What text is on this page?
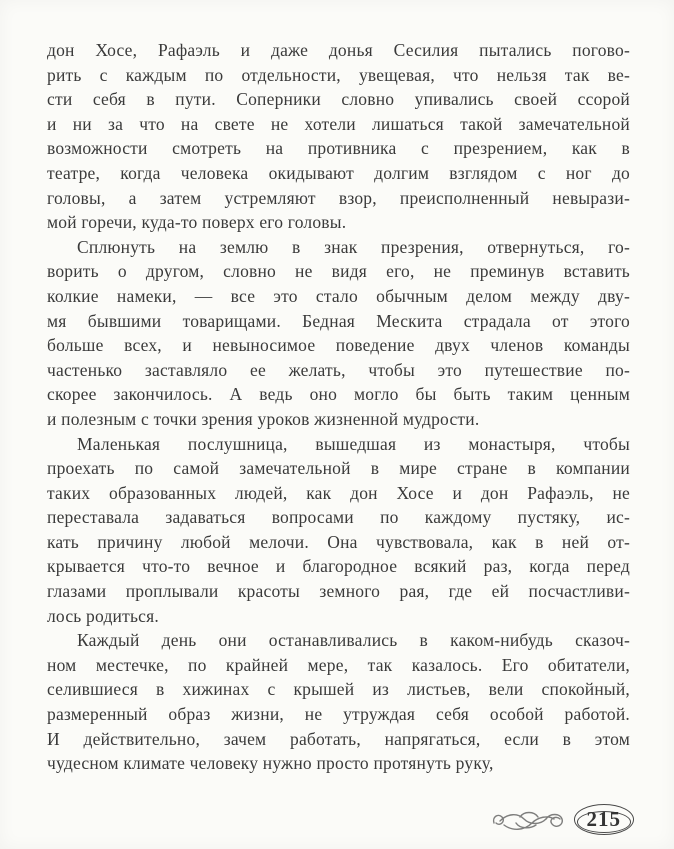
дон Хосе, Рафаэль и даже донья Сесилия пытались погово-
рить с каждым по отдельности, увещевая, что нельзя так ве-
сти себя в пути. Соперники словно упивались своей ссорой
и ни за что на свете не хотели лишаться такой замечательной
возможности смотреть на противника с презрением, как в
театре, когда человека окидывают долгим взглядом с ног до
головы, а затем устремляют взор, преисполненный невырази-
мой горечи, куда-то поверх его головы.
Сплюнуть на землю в знак презрения, отвернуться, го-
ворить о другом, словно не видя его, не преминув вставить
колкие намеки, — все это стало обычным делом между дву-
мя бывшими товарищами. Бедная Мескита страдала от этого
больше всех, и невыносимое поведение двух членов команды
частенько заставляло ее желать, чтобы это путешествие по-
скорее закончилось. А ведь оно могло бы быть таким ценным
и полезным с точки зрения уроков жизненной мудрости.
Маленькая послушница, вышедшая из монастыря, чтобы
проехать по самой замечательной в мире стране в компании
таких образованных людей, как дон Хосе и дон Рафаэль, не
переставала задаваться вопросами по каждому пустяку, ис-
кать причину любой мелочи. Она чувствовала, как в ней от-
крывается что-то вечное и благородное всякий раз, когда перед
глазами проплывали красоты земного рая, где ей посчастливи-
лось родиться.
Каждый день они останавливались в каком-нибудь сказоч-
ном местечке, по крайней мере, так казалось. Его обитатели,
селившиеся в хижинах с крышей из листьев, вели спокойный,
размеренный образ жизни, не утруждая себя особой работой.
И действительно, зачем работать, напрягаться, если в этом
чудесном климате человеку нужно просто протянуть руку,
215
